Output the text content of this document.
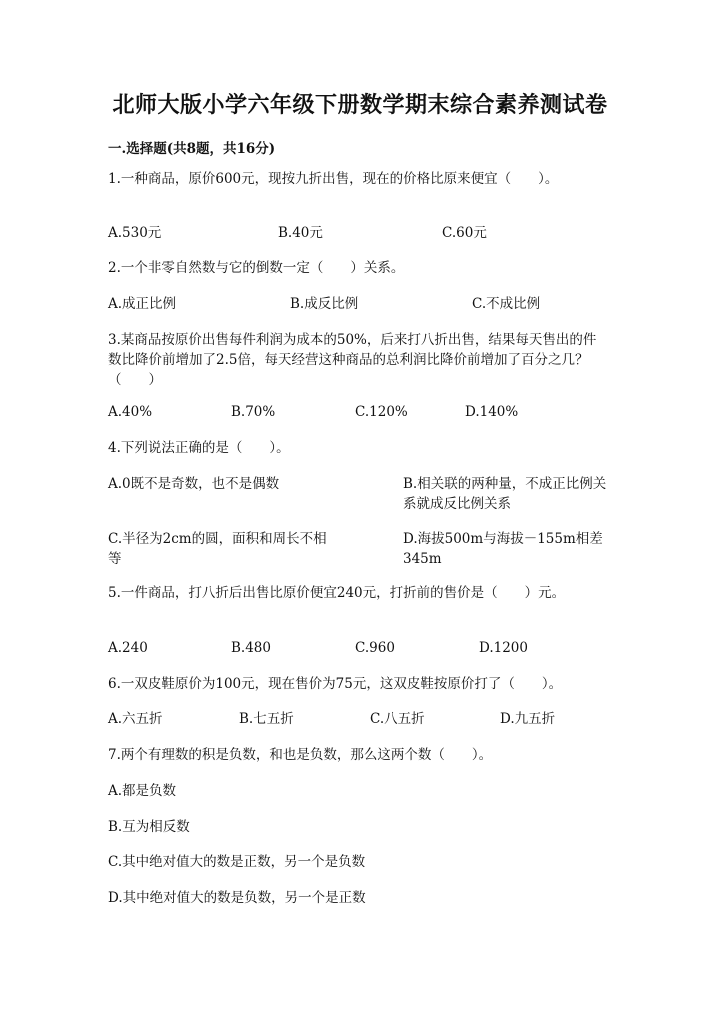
北师大版小学六年级下册数学期末综合素养测试卷
一.选择题(共8题，共16分)
1.一种商品，原价600元，现按九折出售，现在的价格比原来便宜（　　）。
A.530元	B.40元	C.60元
2.一个非零自然数与它的倒数一定（　　）关系。
A.成正比例	B.成反比例	C.不成比例
3.某商品按原价出售每件利润为成本的50%，后来打八折出售，结果每天售出的件数比降价前增加了2.5倍，每天经营这种商品的总利润比降价前增加了百分之几？（　　）
A.40%	B.70%	C.120%	D.140%
4.下列说法正确的是（　　）。
A.0既不是奇数，也不是偶数	B.相关联的两种量，不成正比例关系就成反比例关系
C.半径为2cm的圆，面积和周长不相等
D.海拔500m与海拔－155m相差345m
5.一件商品，打八折后出售比原价便宜240元，打折前的售价是（　　）元。
A.240	B.480	C.960	D.1200
6.一双皮鞋原价为100元，现在售价为75元，这双皮鞋按原价打了（　　）。
A.六五折	B.七五折	C.八五折	D.九五折
7.两个有理数的积是负数，和也是负数，那么这两个数（　　）。
A.都是负数
B.互为相反数
C.其中绝对值大的数是正数，另一个是负数
D.其中绝对值大的数是负数，另一个是正数
